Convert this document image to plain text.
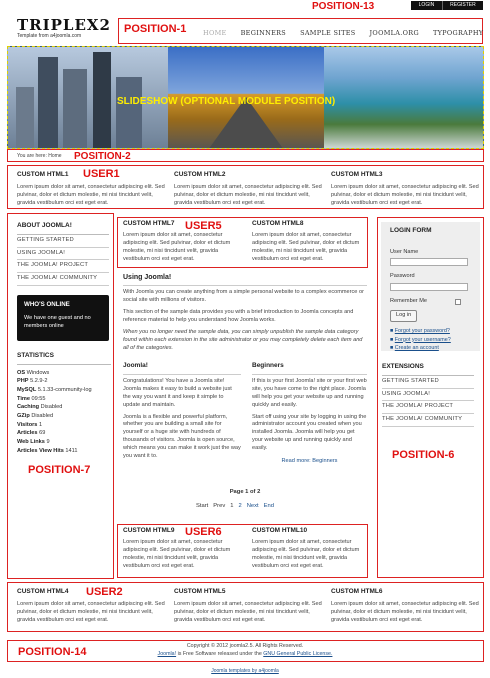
POSITION-13	LOGIN	REGISTER
TRIPLEX2
Template from a4joomla.com
POSITION-1	HOME BEGINNERS SAMPLE SITES JOOMLA.ORG TYPOGRAPHY
SLIDESHOW (OPTIONAL MODULE POSITION)
You are here: Home POSITION-2
USER1
CUSTOM HTML1
Lorem ipsum dolor sit amet, consectetur adipiscing elit. Sed pulvinar, dolor et dictum molestie, mi nisi tincidunt velit, gravida vestibulum orci est eget erat.
CUSTOM HTML2
Lorem ipsum dolor sit amet, consectetur adipiscing elit. Sed pulvinar, dolor et dictum molestie, mi nisi tincidunt velit, gravida vestibulum orci est eget erat.
CUSTOM HTML3
Lorem ipsum dolor sit amet, consectetur adipiscing elit. Sed pulvinar, dolor et dictum molestie, mi nisi tincidunt velit, gravida vestibulum orci est eget erat.
ABOUT JOOMLA!
GETTING STARTED
USING JOOMLA!
THE JOOMLA! PROJECT
THE JOOMLA! COMMUNITY
WHO'S ONLINE
We have one guest and no members online
STATISTICS
OS Windows
PHP 5.2.9-2
MySQL 5.1.33-community-log
Time 09:55
Caching Disabled
GZip Disabled
Visitors 1
Articles 69
Web Links 9
Articles View Hits 1411
POSITION-7
USER5
CUSTOM HTML7
Lorem ipsum dolor sit amet, consectetur adipiscing elit. Sed pulvinar, dolor et dictum molestie, mi nisi tincidunt velit, gravida vestibulum orci est eget erat.
CUSTOM HTML8
Lorem ipsum dolor sit amet, consectetur adipiscing elit. Sed pulvinar, dolor et dictum molestie, mi nisi tincidunt velit, gravida vestibulum orci est eget erat.
Using Joomla!
With Joomla you can create anything from a simple personal website to a complex ecommerce or social site with millions of visitors.
This section of the sample data provides you with a brief introduction to Joomla concepts and reference material to help you understand how Joomla works.
When you no longer need the sample data, you can simply unpublish the sample data category found within each extension in the site administrator or you may completely delete each item and all of the categories.
Joomla!
Congratulations! You have a Joomla site! Joomla makes it easy to build a website just the way you want it and keep it simple to update and maintain.
Joomla is a flexible and powerful platform, whether you are building a small site for yourself or a huge site with hundreds of thousands of visitors. Joomla is open source, which means you can make it work just the way you want it to.
Beginners
If this is your first Joomla! site or your first web site, you have come to the right place. Joomla will help you get your website up and running quickly and easily.
Start off using your site by logging in using the administrator account you created when you installed Joomla. Joomla will help you get your website up and running quickly and easily.
Read more: Beginners
Page 1 of 2
Start Prev 1 2 Next End
USER6
CUSTOM HTML9
Lorem ipsum dolor sit amet, consectetur adipiscing elit. Sed pulvinar, dolor et dictum molestie, mi nisi tincidunt velit, gravida vestibulum orci est eget erat.
CUSTOM HTML10
Lorem ipsum dolor sit amet, consectetur adipiscing elit. Sed pulvinar, dolor et dictum molestie, mi nisi tincidunt velit, gravida vestibulum orci est eget erat.
LOGIN FORM
User Name
Password
Remember Me
Log in
■ Forgot your password?
■ Forgot your username?
■ Create an account
EXTENSIONS
GETTING STARTED
USING JOOMLA!
THE JOOMLA! PROJECT
THE JOOMLA! COMMUNITY
POSITION-6
USER2
CUSTOM HTML4
Lorem ipsum dolor sit amet, consectetur adipiscing elit. Sed pulvinar, dolor et dictum molestie, mi nisi tincidunt velit, gravida vestibulum orci est eget erat.
CUSTOM HTML5
Lorem ipsum dolor sit amet, consectetur adipiscing elit. Sed pulvinar, dolor et dictum molestie, mi nisi tincidunt velit, gravida vestibulum orci est eget erat.
CUSTOM HTML6
Lorem ipsum dolor sit amet, consectetur adipiscing elit. Sed pulvinar, dolor et dictum molestie, mi nisi tincidunt velit, gravida vestibulum orci est eget erat.
POSITION-14	Copyright © 2012 joomla2.5. All Rights Reserved.
Joomla! is Free Software released under the GNU General Public License.
Joomla templates by a4joomla
